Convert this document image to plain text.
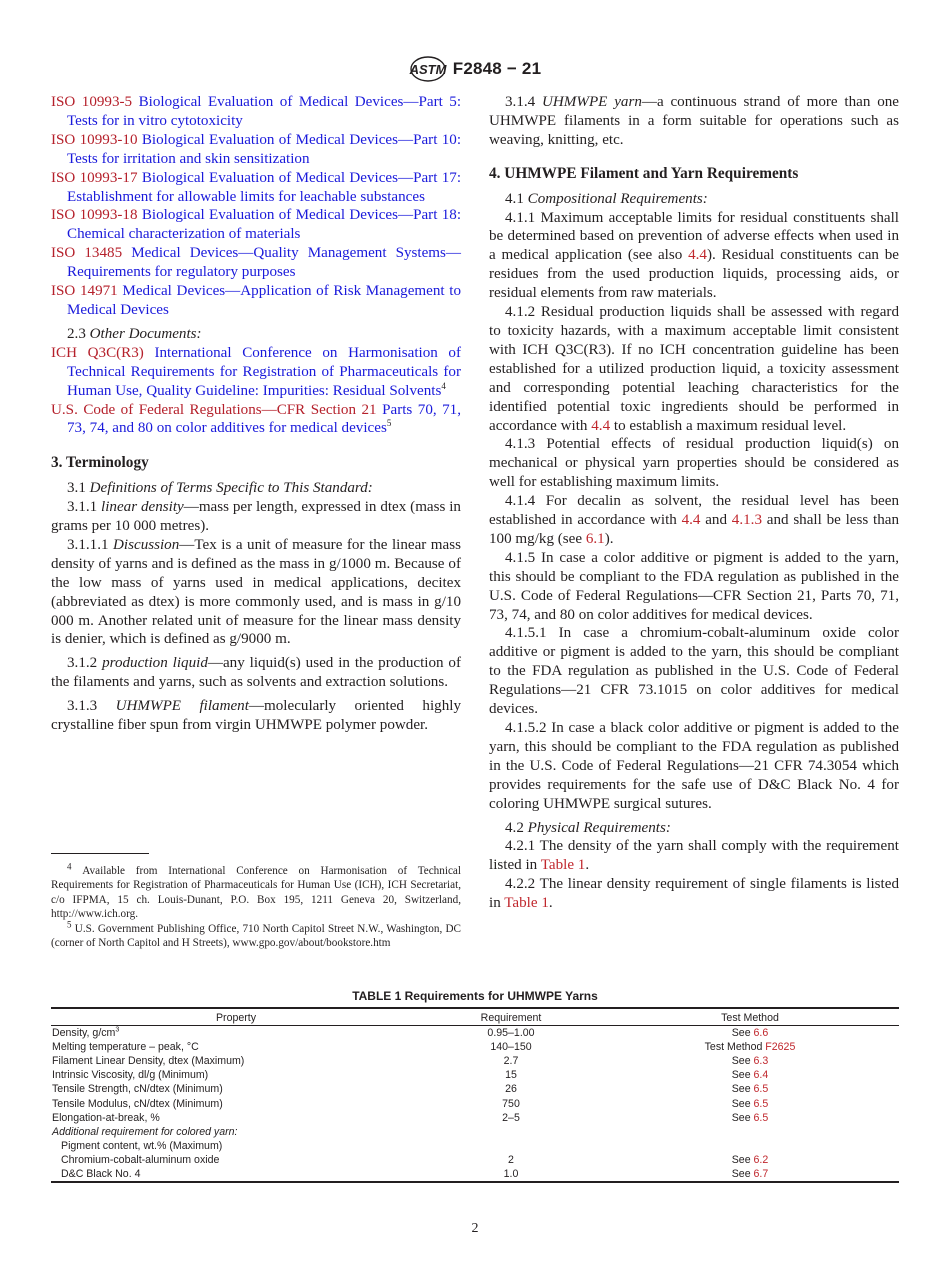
ASTM F2848 − 21
ISO 10993-5 Biological Evaluation of Medical Devices—Part 5: Tests for in vitro cytotoxicity
ISO 10993-10 Biological Evaluation of Medical Devices—Part 10: Tests for irritation and skin sensitization
ISO 10993-17 Biological Evaluation of Medical Devices—Part 17: Establishment for allowable limits for leachable substances
ISO 10993-18 Biological Evaluation of Medical Devices—Part 18: Chemical characterization of materials
ISO 13485 Medical Devices—Quality Management Systems—Requirements for regulatory purposes
ISO 14971 Medical Devices—Application of Risk Management to Medical Devices
2.3 Other Documents:
ICH Q3C(R3) International Conference on Harmonisation of Technical Requirements for Registration of Pharmaceuticals for Human Use, Quality Guideline: Impurities: Residual Solvents$^4$
U.S. Code of Federal Regulations—CFR Section 21 Parts 70, 71, 73, 74, and 80 on color additives for medical devices$^5$
3. Terminology
3.1 Definitions of Terms Specific to This Standard:
3.1.1 linear density—mass per length, expressed in dtex (mass in grams per 10 000 metres).
3.1.1.1 Discussion—Tex is a unit of measure for the linear mass density of yarns and is defined as the mass in g/1000 m. Because of the low mass of yarns used in medical applications, decitex (abbreviated as dtex) is more commonly used, and is mass in g/10 000 m. Another related unit of measure for the linear mass density is denier, which is defined as g/9000 m.
3.1.2 production liquid—any liquid(s) used in the production of the filaments and yarns, such as solvents and extraction solutions.
3.1.3 UHMWPE filament—molecularly oriented highly crystalline fiber spun from virgin UHMWPE polymer powder.
$^4$ Available from International Conference on Harmonisation of Technical Requirements for Registration of Pharmaceuticals for Human Use (ICH), ICH Secretariat, c/o IFPMA, 15 ch. Louis-Dunant, P.O. Box 195, 1211 Geneva 20, Switzerland, http://www.ich.org.
$^5$ U.S. Government Publishing Office, 710 North Capitol Street N.W., Washington, DC (corner of North Capitol and H Streets), www.gpo.gov/about/bookstore.htm
3.1.4 UHMWPE yarn—a continuous strand of more than one UHMWPE filaments in a form suitable for operations such as weaving, knitting, etc.
4. UHMWPE Filament and Yarn Requirements
4.1 Compositional Requirements:
4.1.1 Maximum acceptable limits for residual constituents shall be determined based on prevention of adverse effects when used in a medical application (see also 4.4). Residual constituents can be residues from the used production liquids, processing aids, or residual elements from raw materials.
4.1.2 Residual production liquids shall be assessed with regard to toxicity hazards, with a maximum acceptable limit consistent with ICH Q3C(R3). If no ICH concentration guideline has been established for a utilized production liquid, a toxicity assessment and corresponding potential leaching characteristics for the identified potential toxic ingredients should be performed in accordance with 4.4 to establish a maximum residual level.
4.1.3 Potential effects of residual production liquid(s) on mechanical or physical yarn properties should be considered as well for establishing maximum limits.
4.1.4 For decalin as solvent, the residual level has been established in accordance with 4.4 and 4.1.3 and shall be less than 100 mg/kg (see 6.1).
4.1.5 In case a color additive or pigment is added to the yarn, this should be compliant to the FDA regulation as published in the U.S. Code of Federal Regulations—CFR Section 21, Parts 70, 71, 73, 74, and 80 on color additives for medical devices.
4.1.5.1 In case a chromium-cobalt-aluminum oxide color additive or pigment is added to the yarn, this should be compliant to the FDA regulation as published in the U.S. Code of Federal Regulations—21 CFR 73.1015 on color additives for medical devices.
4.1.5.2 In case a black color additive or pigment is added to the yarn, this should be compliant to the FDA regulation as published in the U.S. Code of Federal Regulations—21 CFR 74.3054 which provides requirements for the safe use of D&C Black No. 4 for coloring UHMWPE surgical sutures.
4.2 Physical Requirements:
4.2.1 The density of the yarn shall comply with the requirement listed in Table 1.
4.2.2 The linear density requirement of single filaments is listed in Table 1.
TABLE 1 Requirements for UHMWPE Yarns
Property	Requirement	Test Method
Density, $g/cm^3$	0.95–1.00	See 6.6
Melting temperature – peak, °C	140–150	Test Method F2625
Filament Linear Density, dtex (Maximum)	2.7	See 6.3
Intrinsic Viscosity, dl/g (Minimum)	15	See 6.4
Tensile Strength, cN/dtex (Minimum)	26	See 6.5
Tensile Modulus, cN/dtex (Minimum)	750	See 6.5
Elongation-at-break, %	2–5	See 6.5
Additional requirement for colored yarn:		
Pigment content, wt.% (Maximum)		
Chromium-cobalt-aluminum oxide	2	See 6.2
D&C Black No. 4	1.0	See 6.7
2
